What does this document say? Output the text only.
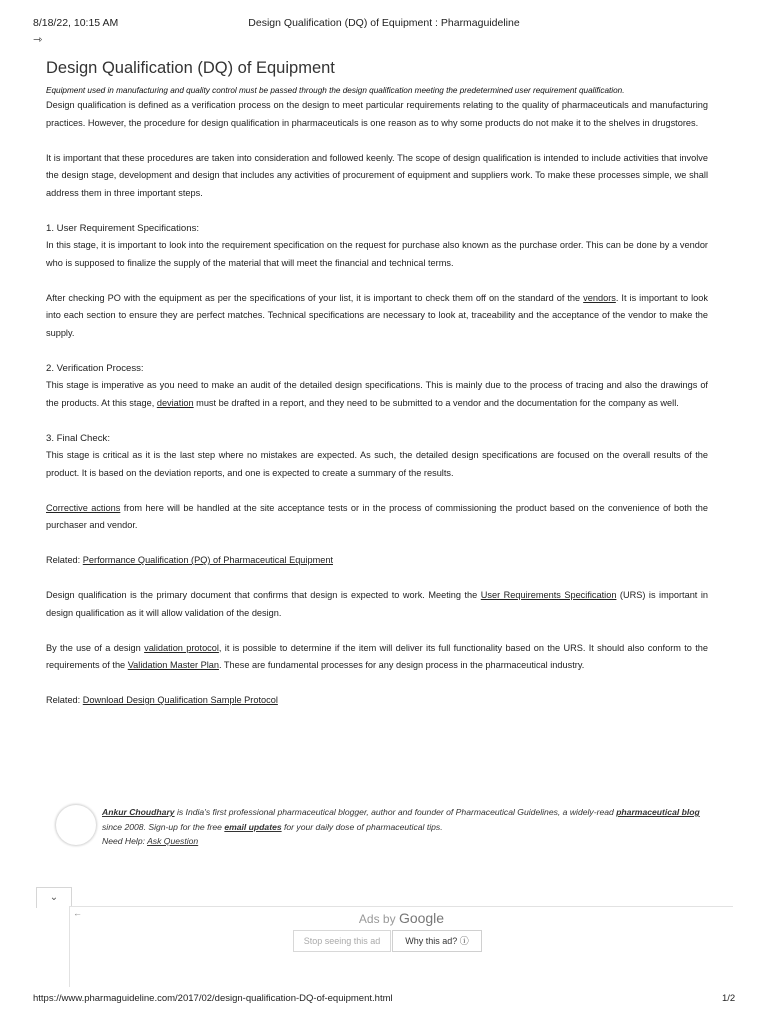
8/18/22, 10:15 AM	Design Qualification (DQ) of Equipment : Pharmaguideline
⇾
Design Qualification (DQ) of Equipment

Equipment used in manufacturing and quality control must be passed through the design qualification meeting the predetermined user requirement qualification.

Design qualification is defined as a verification process on the design to meet particular requirements relating to the quality of pharmaceuticals and manufacturing practices. However, the procedure for design qualification in pharmaceuticals is one reason as to why some products do not make it to the shelves in drugstores.

It is important that these procedures are taken into consideration and followed keenly. The scope of design qualification is intended to include activities that involve the design stage, development and design that includes any activities of procurement of equipment and suppliers work. To make these processes simple, we shall address them in three important steps.

1. User Requirement Specifications:

In this stage, it is important to look into the requirement specification on the request for purchase also known as the purchase order. This can be done by a vendor who is supposed to finalize the supply of the material that will meet the financial and technical terms.

After checking PO with the equipment as per the specifications of your list, it is important to check them off on the standard of the vendors. It is important to look into each section to ensure they are perfect matches. Technical specifications are necessary to look at, traceability and the acceptance of the vendor to make the supply.

2. Verification Process:

This stage is imperative as you need to make an audit of the detailed design specifications. This is mainly due to the process of tracing and also the drawings of the products. At this stage, deviation must be drafted in a report, and they need to be submitted to a vendor and the documentation for the company as well.

3. Final Check:

This stage is critical as it is the last step where no mistakes are expected. As such, the detailed design specifications are focused on the overall results of the product. It is based on the deviation reports, and one is expected to create a summary of the results.

Corrective actions from here will be handled at the site acceptance tests or in the process of commissioning the product based on the convenience of both the purchaser and vendor.

Related: Performance Qualification (PQ) of Pharmaceutical Equipment

Design qualification is the primary document that confirms that design is expected to work. Meeting the User Requirements Specification (URS) is important in design qualification as it will allow validation of the design.

By the use of a design validation protocol, it is possible to determine if the item will deliver its full functionality based on the URS. It should also conform to the requirements of the Validation Master Plan. These are fundamental processes for any design process in the pharmaceutical industry.

Related: Download Design Qualification Sample Protocol

Ankur Choudhary is India's first professional pharmaceutical blogger, author and founder of Pharmaceutical Guidelines, a widely-read pharmaceutical blog since 2008. Sign-up for the free email updates for your daily dose of pharmaceutical tips.
Need Help: Ask Question
⌄
←	Ads by Google
Stop seeing this ad	Why this ad? ⓘ
https://www.pharmaguideline.com/2017/02/design-qualification-DQ-of-equipment.html	1/2
